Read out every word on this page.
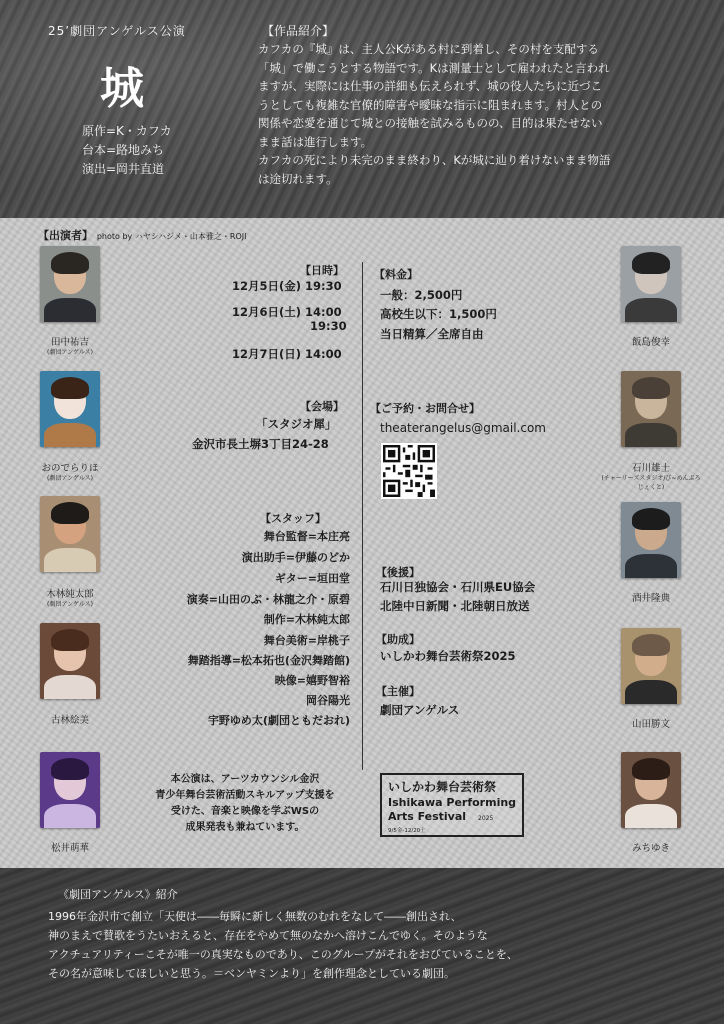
25’劇団アンゲルス公演
城
原作=K・カフカ
台本=路地みち
演出=岡井直道
【作品紹介】
カフカの『城』は、主人公Kがある村に到着し、その村を支配する
「城」で働こうとする物語です。Kは測量士として雇われたと言われ
ますが、実際には仕事の詳細も伝えられず、城の役人たちに近づこ
うとしても複雑な官僚的障害や曖昧な指示に阻まれます。村人との
関係や恋愛を通じて城との接触を試みるものの、目的は果たせない
まま話は進行します。
カフカの死により未完のまま終わり、Kが城に辿り着けないまま物語
は途切れます。
【出演者】 photo by ハヤシハジメ・山本雅之・ROJI
田中祐吉
(劇団アンゲルス)
おのでらりほ
(劇団アンゲルス)
木林純太郎
(劇団アンゲルス)
古林絵美
松井萌華
飯島俊幸
石川雄士
(チャーリーズスタジオ/び~めんぷろじぇくと)
酒井隆典
山田勝文
みちゆき
【日時】
12月5日(金) 19:30
12月6日(土) 14:00
19:30
12月7日(日) 14:00
【会場】
「スタジオ犀」
金沢市長土塀3丁目24-28
【スタッフ】
舞台監督=本庄亮
演出助手=伊藤のどか
ギター=垣田堂
演奏=山田のぶ・林龍之介・原碧
制作=木林純太郎
舞台美術=岸桃子
舞踏指導=松本拓也(金沢舞踏館)
映像=嬉野智裕
岡谷陽光
宇野ゆめ太(劇団ともだおれ)
本公演は、アーツカウンシル金沢
青少年舞台芸術活動スキルアップ支援を
受けた、音楽と映像を学ぶWSの
成果発表も兼ねています。
【料金】
一般：2,500円
高校生以下：1,500円
当日精算／全席自由
【ご予約・お問合せ】
theaterangelus@gmail.com
【後援】
石川日独協会・石川県EU協会
北陸中日新聞・北陸朝日放送
【助成】
いしかわ舞台芸術祭2025
【主催】
劇団アンゲルス
いしかわ舞台芸術祭
Ishikawa Performing
Arts Festival 2025
9/5金-12/20土
《劇団アンゲルス》紹介
1996年金沢市で創立「天使は――毎瞬に新しく無数のむれをなして――創出され、
神のまえで賛歌をうたいおえると、存在をやめて無のなかへ溶けこんでゆく。そのような
アクチュアリティーこそが唯一の真実なものであり、このグループがそれをおびていることを、
その名が意味してほしいと思う。＝ベンヤミンより」を創作理念としている劇団。
